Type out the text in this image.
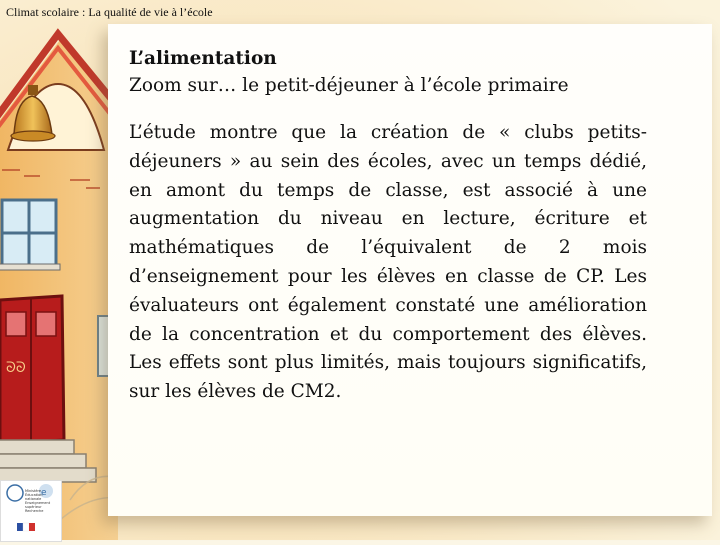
ᘐᘐ
Climat scolaire : La qualité de vie à l’école
L’alimentation
Zoom sur… le petit-déjeuner à l’école primaire
L’étude montre que la création de « clubs petits-déjeuners » au sein des écoles, avec un temps dédié, en amont du temps de classe, est associé à une augmentation du niveau en lecture, écriture et mathématiques de l’équivalent de 2 mois d’enseignement pour les élèves en classe de CP. Les évaluateurs ont également constaté une amélioration de la concentration et du comportement des élèves. Les effets sont plus limités, mais toujours significatifs, sur les élèves de CM2.
e
Ministère
Éducation
nationale
Enseignement supérieur
Recherche
